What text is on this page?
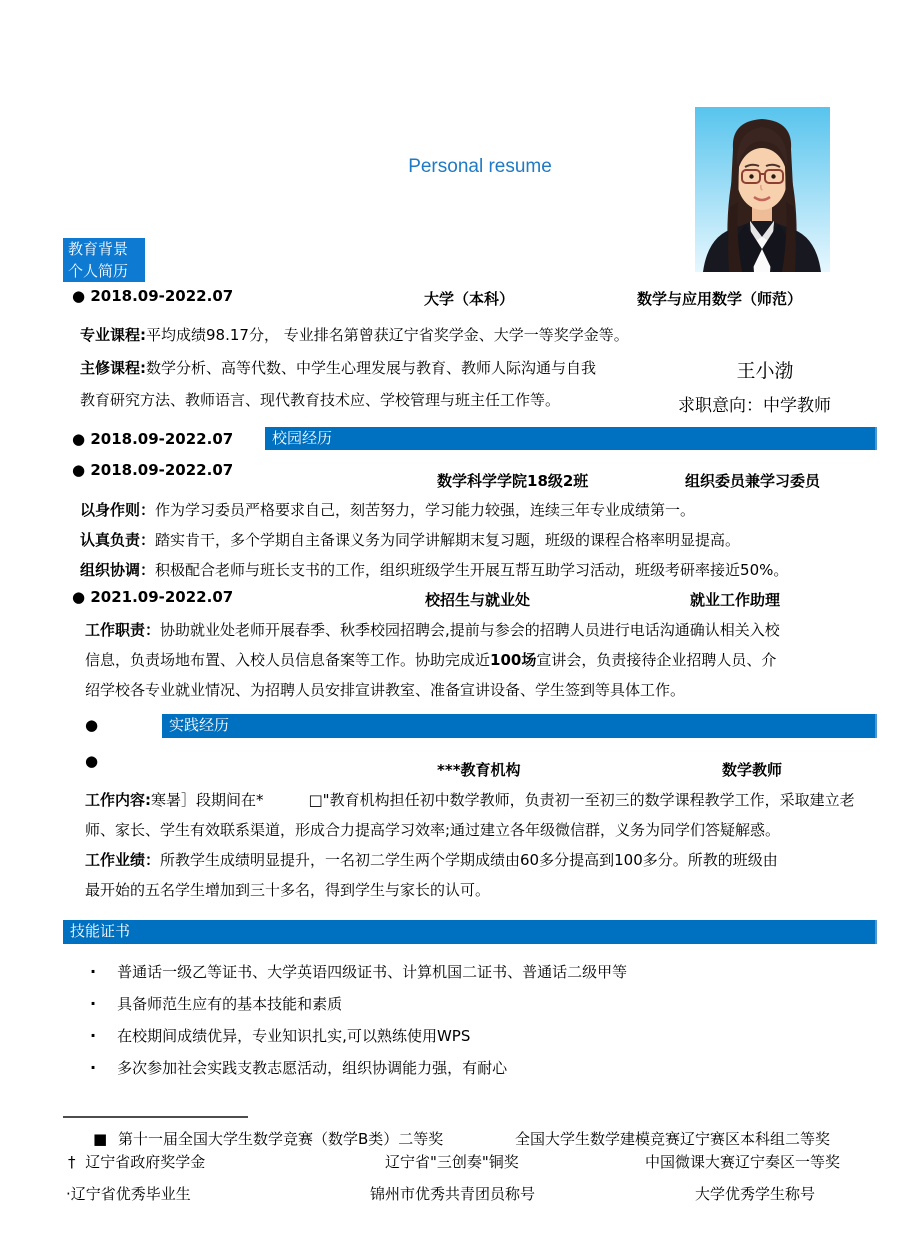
Personal resume
教育背景
个人简历
● 2018.09-2022.07	大学（本科）	数学与应用数学（师范）
专业课程:平均成绩98.17分， 专业排名第曾获辽宁省奖学金、大学一等奖学金等。
主修课程:数学分析、高等代数、中学生心理发展与教育、教师人际沟通与自我
教育研究方法、教师语言、现代教育技术应、学校管理与班主任工作等。
王小渤
求职意向：中学教师
● 2018.09-2022.07	校园经历
● 2018.09-2022.07
数学科学学院18级2班	组织委员兼学习委员
以身作则：作为学习委员严格要求自己，刻苦努力，学习能力较强，连续三年专业成绩第一。
认真负责：踏实肯干，多个学期自主备课义务为同学讲解期末复习题，班级的课程合格率明显提高。
组织协调：积极配合老师与班长支书的工作，组织班级学生开展互帮互助学习活动，班级考研率接近50%。
● 2021.09-2022.07	校招生与就业处	就业工作助理
工作职责：协助就业处老师开展春季、秋季校园招聘会,提前与参会的招聘人员进行电话沟通确认相关入校
信息，负责场地布置、入校人员信息备案等工作。协助完成近100场宣讲会，负责接待企业招聘人员、介
绍学校各专业就业情况、为招聘人员安排宣讲教室、准备宣讲设备、学生签到等具体工作。
●	实践经历
●	***教育机构	数学教师
工作内容:寒暑］段期间在*　　　□"教育机构担任初中数学教师，负责初一至初三的数学课程教学工作，采取建立老
师、家长、学生有效联系渠道，形成合力提高学习效率;通过建立各年级微信群，义务为同学们答疑解惑。
工作业绩：所教学生成绩明显提升，一名初二学生两个学期成绩由60多分提高到100多分。所教的班级由
最开始的五名学生增加到三十多名，得到学生与家长的认可。
技能证书
· 普通话一级乙等证书、大学英语四级证书、计算机国二证书、普通话二级甲等
· 具备师范生应有的基本技能和素质
· 在校期间成绩优异，专业知识扎实,可以熟练使用WPS
· 多次参加社会实践支教志愿活动，组织协调能力强，有耐心
■ 第十一届全国大学生数学竞赛（数学B类）二等奖	全国大学生数学建模竞赛辽宁赛区本科组二等奖
† 辽宁省政府奖学金	辽宁省"三创奏"铜奖	中国微课大赛辽宁奏区一等奖
·辽宁省优秀毕业生	锦州市优秀共青团员称号	大学优秀学生称号
